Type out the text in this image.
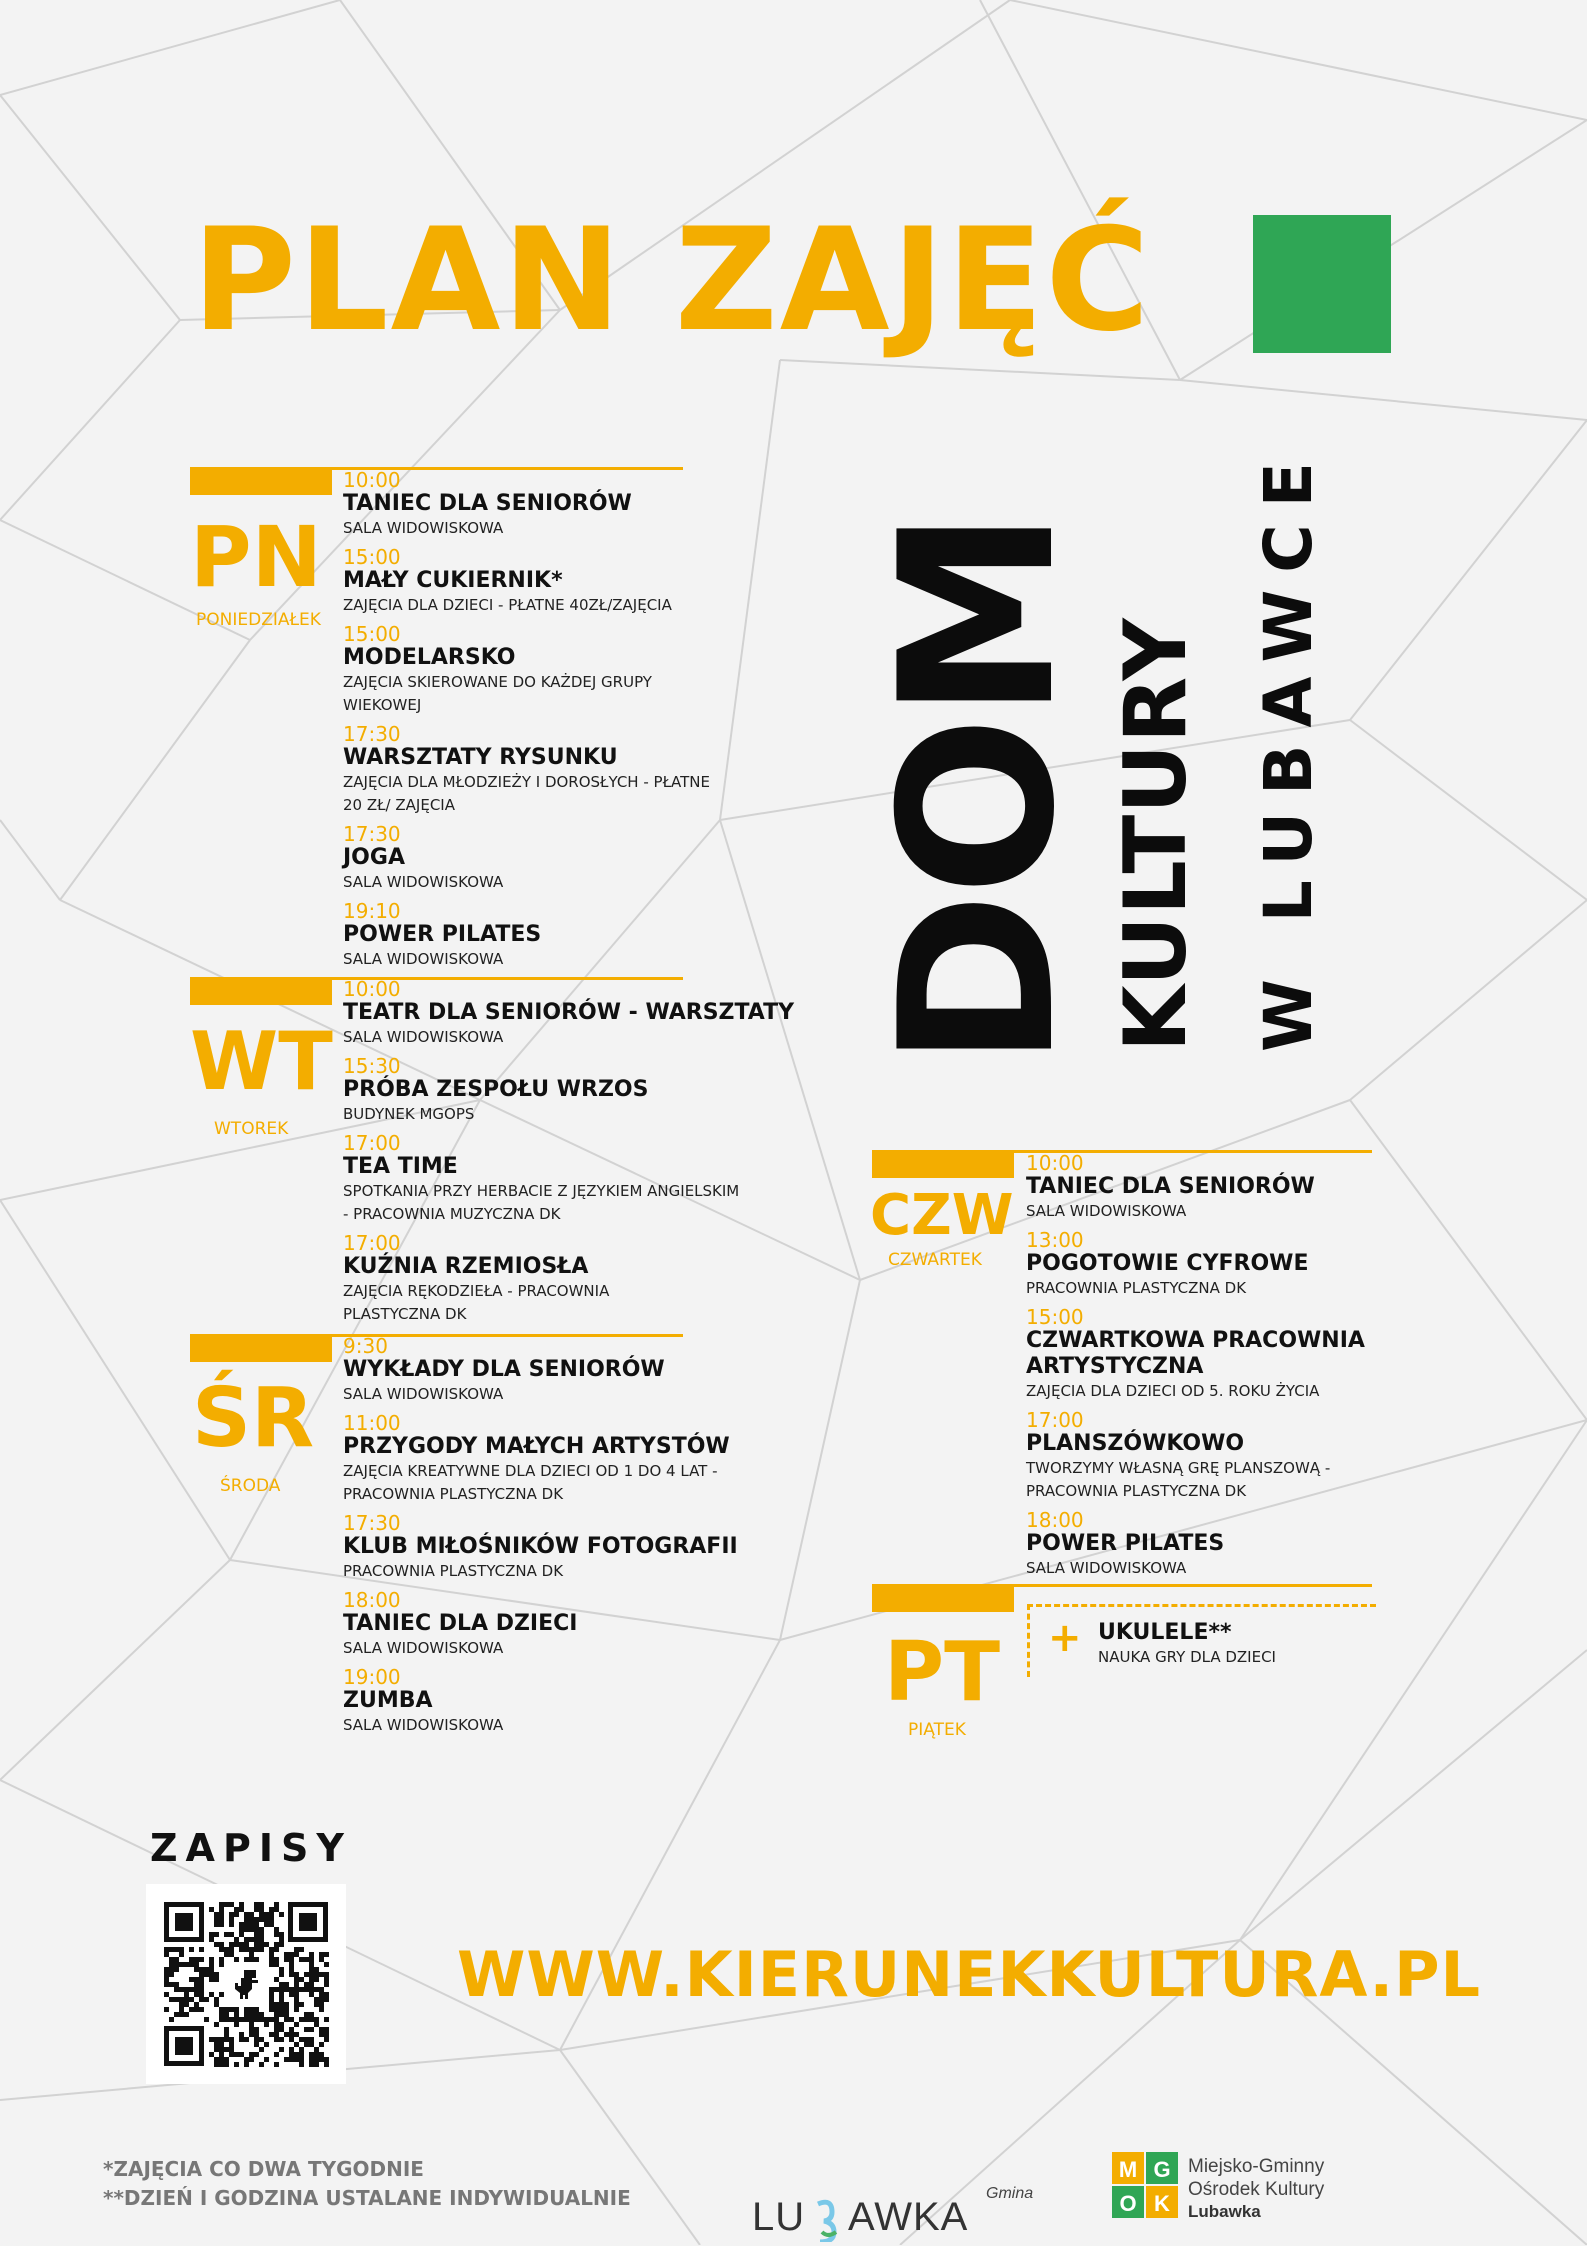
PLAN ZAJĘĆ
DOM KULTURY W LUBAWCE
PN
PONIEDZIAŁEK
10:00
TANIEC DLA SENIORÓW
SALA WIDOWISKOWA
15:00
MAŁY CUKIERNIK*
ZAJĘCIA DLA DZIECI - PŁATNE 40ZŁ/ZAJĘCIA
15:00
MODELARSKO
ZAJĘCIA SKIEROWANE DO KAŻDEJ GRUPY WIEKOWEJ
17:30
WARSZTATY RYSUNKU
ZAJĘCIA DLA MŁODZIEŻY I DOROSŁYCH - PŁATNE 20 ZŁ/ ZAJĘCIA
17:30
JOGA
SALA WIDOWISKOWA
19:10
POWER PILATES
SALA WIDOWISKOWA
WT
WTOREK
10:00
TEATR DLA SENIORÓW - WARSZTATY
SALA WIDOWISKOWA
15:30
PRÓBA ZESPOŁU WRZOS
BUDYNEK MGOPS
17:00
TEA TIME
SPOTKANIA PRZY HERBACIE Z JĘZYKIEM ANGIELSKIM - PRACOWNIA MUZYCZNA DK
17:00
KUŹNIA RZEMIOSŁA
ZAJĘCIA RĘKODZIEŁA - PRACOWNIA PLASTYCZNA DK
ŚR
ŚRODA
9:30
WYKŁADY DLA SENIORÓW
SALA WIDOWISKOWA
11:00
PRZYGODY MAŁYCH ARTYSTÓW
ZAJĘCIA KREATYWNE DLA DZIECI OD 1 DO 4 LAT - PRACOWNIA PLASTYCZNA DK
17:30
KLUB MIŁOŚNIKÓW FOTOGRAFII
PRACOWNIA PLASTYCZNA DK
18:00
TANIEC DLA DZIECI
SALA WIDOWISKOWA
19:00
ZUMBA
SALA WIDOWISKOWA
CZW
CZWARTEK
10:00
TANIEC DLA SENIORÓW
SALA WIDOWISKOWA
13:00
POGOTOWIE CYFROWE
PRACOWNIA PLASTYCZNA DK
15:00
CZWARTKOWA PRACOWNIA ARTYSTYCZNA
ZAJĘCIA DLA DZIECI OD 5. ROKU ŻYCIA
17:00
PLANSZÓWKOWO
TWORZYMY WŁASNĄ GRĘ PLANSZOWĄ - PRACOWNIA PLASTYCZNA DK
18:00
POWER PILATES
SALA WIDOWISKOWA
PT
PIĄTEK
+ UKULELE**
NAUKA GRY DLA DZIECI
ZAPISY
WWW.KIERUNEKKULTURA.PL
*ZAJĘCIA CO DWA TYGODNIE
**DZIEŃ I GODZINA USTALANE INDYWIDUALNIE	Gmina
LU AWKA
M G
O K
Miejsko-Gminny
Ośrodek Kultury
Lubawka
